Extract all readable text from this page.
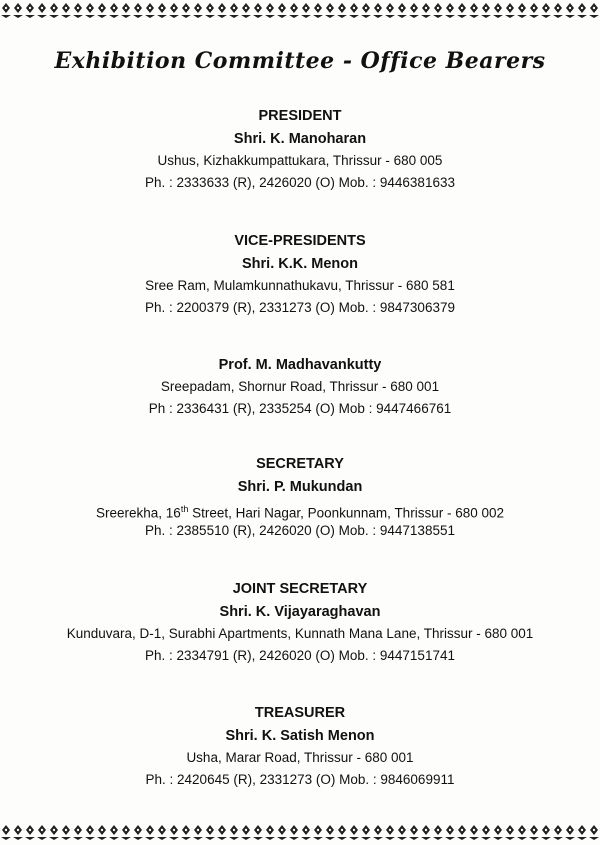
Exhibition Committee - Office Bearers
PRESIDENT
Shri. K. Manoharan
Ushus, Kizhakkumpattukara, Thrissur - 680 005
Ph. : 2333633 (R), 2426020 (O) Mob. : 9446381633
VICE-PRESIDENTS
Shri. K.K. Menon
Sree Ram, Mulamkunnathukavu, Thrissur - 680 581
Ph. : 2200379 (R), 2331273 (O) Mob. : 9847306379
Prof. M. Madhavankutty
Sreepadam, Shornur Road, Thrissur - 680 001
Ph : 2336431 (R), 2335254 (O) Mob : 9447466761
SECRETARY
Shri. P. Mukundan
Sreerekha, 16th Street, Hari Nagar, Poonkunnam, Thrissur - 680 002
Ph. : 2385510 (R), 2426020 (O) Mob. : 9447138551
JOINT SECRETARY
Shri. K. Vijayaraghavan
Kunduvara, D-1, Surabhi Apartments, Kunnath Mana Lane, Thrissur - 680 001
Ph. : 2334791 (R), 2426020 (O) Mob. : 9447151741
TREASURER
Shri. K. Satish Menon
Usha, Marar Road, Thrissur - 680 001
Ph. : 2420645 (R), 2331273 (O) Mob. : 9846069911
